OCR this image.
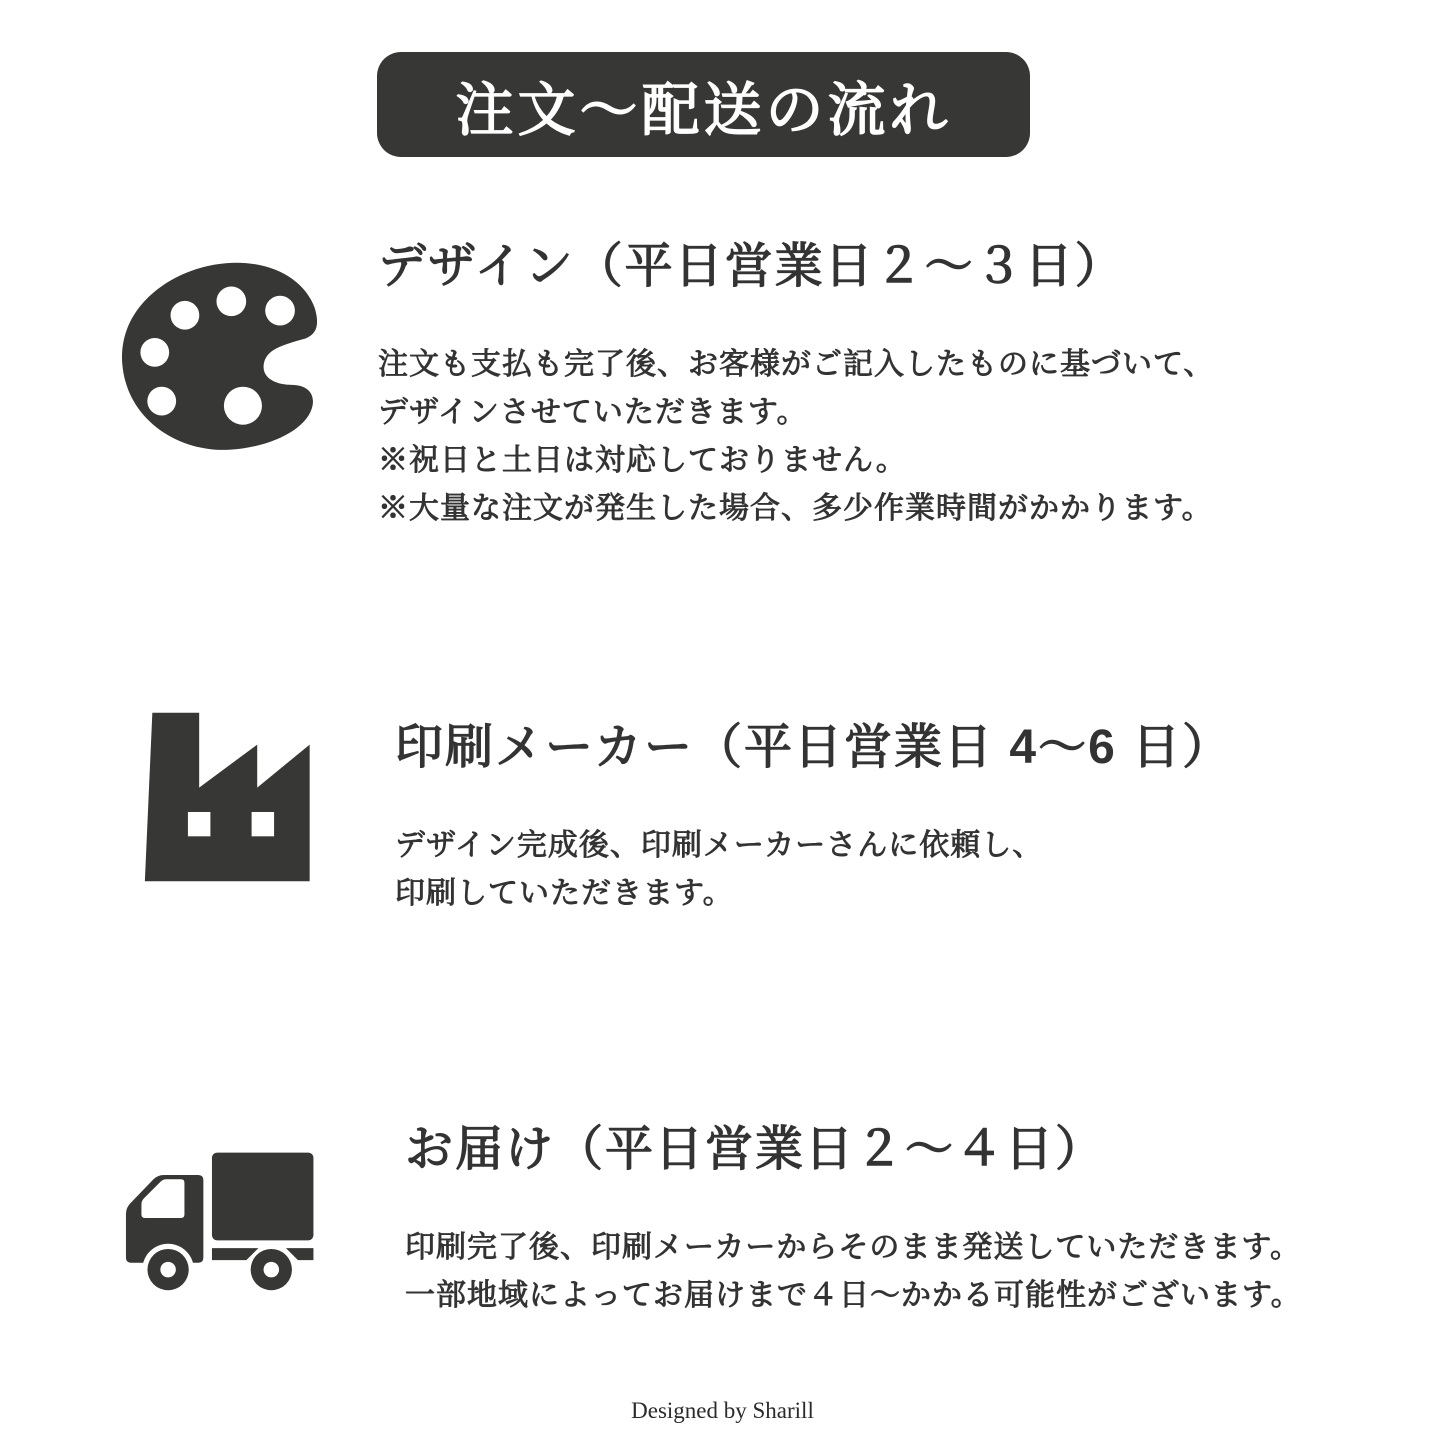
注文〜配送の流れ
デザイン（平日営業日２〜３日）
注文も支払も完了後、お客様がご記入したものに基づいて、
デザインさせていただきます。
※祝日と土日は対応しておりません。
※大量な注文が発生した場合、多少作業時間がかかります。
印刷メーカー（平日営業日 4〜6 日）
デザイン完成後、印刷メーカーさんに依頼し、
印刷していただきます。
お届け（平日営業日２〜４日）
印刷完了後、印刷メーカーからそのまま発送していただきます。
一部地域によってお届けまで４日〜かかる可能性がございます。
Designed by Sharill
